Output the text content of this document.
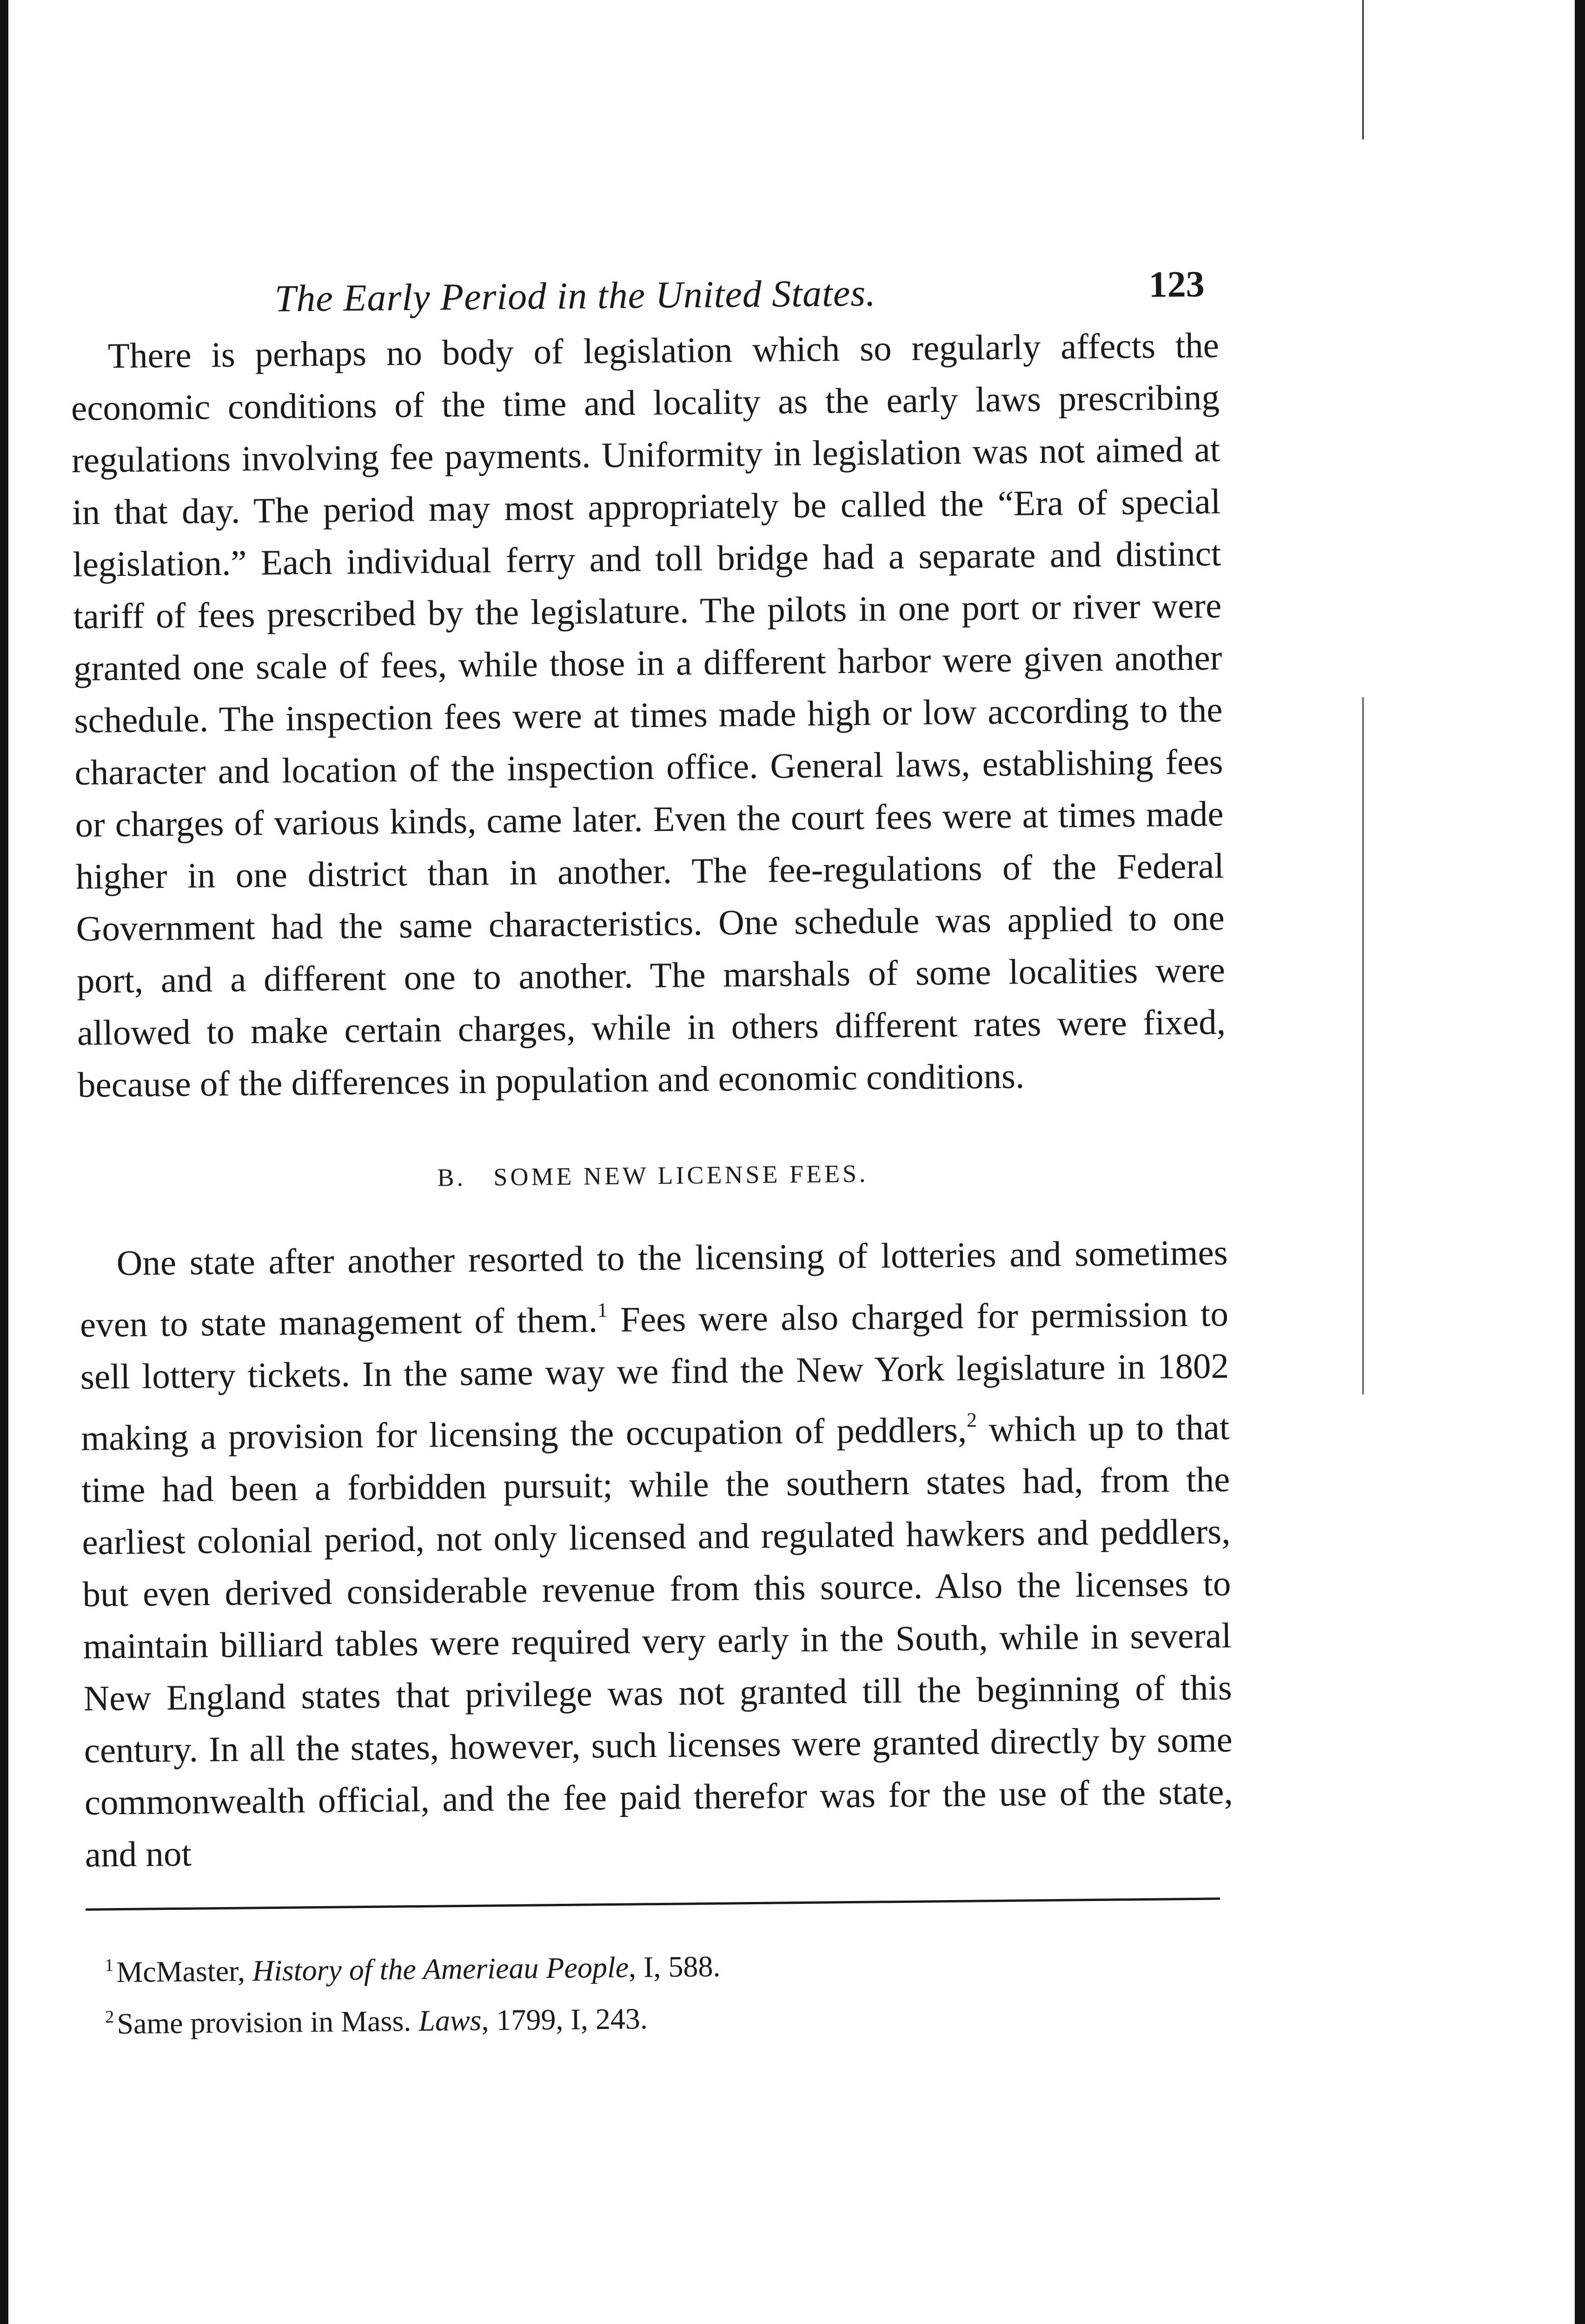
The Early Period in the United States.	123

There is perhaps no body of legislation which so regularly affects the economic conditions of the time and locality as the early laws prescribing regulations involving fee payments. Uniformity in legislation was not aimed at in that day. The period may most appropriately be called the “Era of special legislation.” Each individual ferry and toll bridge had a separate and distinct tariff of fees prescribed by the legislature. The pilots in one port or river were granted one scale of fees, while those in a different harbor were given another schedule. The inspection fees were at times made high or low according to the character and location of the inspection office. General laws, establishing fees or charges of various kinds, came later. Even the court fees were at times made higher in one district than in another. The fee-regulations of the Federal Government had the same characteristics. One schedule was applied to one port, and a different one to another. The marshals of some localities were allowed to make certain charges, while in others different rates were fixed, because of the differences in population and economic conditions.

B. SOME NEW LICENSE FEES.

One state after another resorted to the licensing of lotteries and sometimes even to state management of them.$^1$ Fees were also charged for permission to sell lottery tickets. In the same way we find the New York legislature in 1802 making a provision for licensing the occupation of peddlers,$^2$ which up to that time had been a forbidden pursuit; while the southern states had, from the earliest colonial period, not only licensed and regulated hawkers and peddlers, but even derived considerable revenue from this source. Also the licenses to maintain billiard tables were required very early in the South, while in several New England states that privilege was not granted till the beginning of this century. In all the states, however, such licenses were granted directly by some commonwealth official, and the fee paid therefor was for the use of the state, and not

$^1$McMaster, History of the Amerieau People, I, 588.

$^2$Same provision in Mass. Laws, 1799, I, 243.
